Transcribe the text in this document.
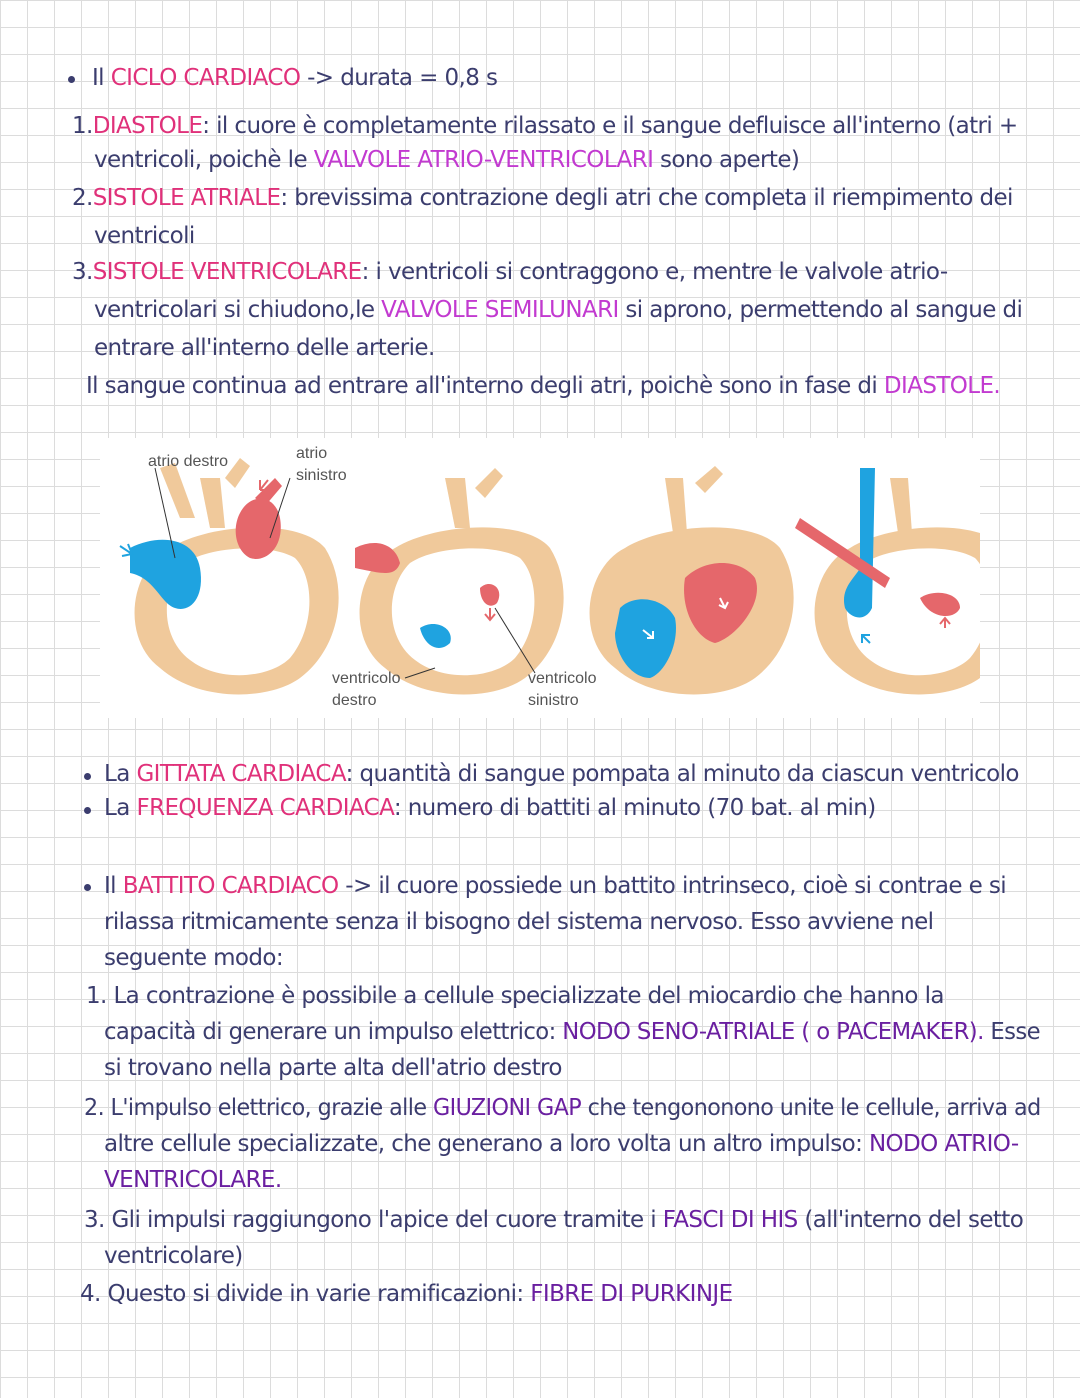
Il CICLO CARDIACO -> durata = 0,8 s
1.DIASTOLE: il cuore è completamente rilassato e il sangue defluisce all'interno (atri +
ventricoli, poichè le VALVOLE ATRIO-VENTRICOLARI sono aperte)
2.SISTOLE ATRIALE: brevissima contrazione degli atri che completa il riempimento dei
ventricoli
3.SISTOLE VENTRICOLARE: i ventricoli si contraggono e, mentre le valvole atrio-
ventricolari si chiudono,le VALVOLE SEMILUNARI si aprono, permettendo al sangue di
entrare all'interno delle arterie.
Il sangue continua ad entrare all'interno degli atri, poichè sono in fase di DIASTOLE.
atrio destro	atrio
sinistro
ventricolo
destro
ventricolo
sinistro
La GITTATA CARDIACA: quantità di sangue pompata al minuto da ciascun ventricolo
La FREQUENZA CARDIACA: numero di battiti al minuto (70 bat. al min)
Il BATTITO CARDIACO -> il cuore possiede un battito intrinseco, cioè si contrae e si
rilassa ritmicamente senza il bisogno del sistema nervoso. Esso avviene nel
seguente modo:
1. La contrazione è possibile a cellule specializzate del miocardio che hanno la
capacità di generare un impulso elettrico: NODO SENO-ATRIALE ( o PACEMAKER). Esse
si trovano nella parte alta dell'atrio destro
2. L'impulso elettrico, grazie alle GIUZIONI GAP che tengononono unite le cellule, arriva ad
altre cellule specializzate, che generano a loro volta un altro impulso: NODO ATRIO-
VENTRICOLARE.
3. Gli impulsi raggiungono l'apice del cuore tramite i FASCI DI HIS (all'interno del setto
ventricolare)
4. Questo si divide in varie ramificazioni: FIBRE DI PURKINJE
